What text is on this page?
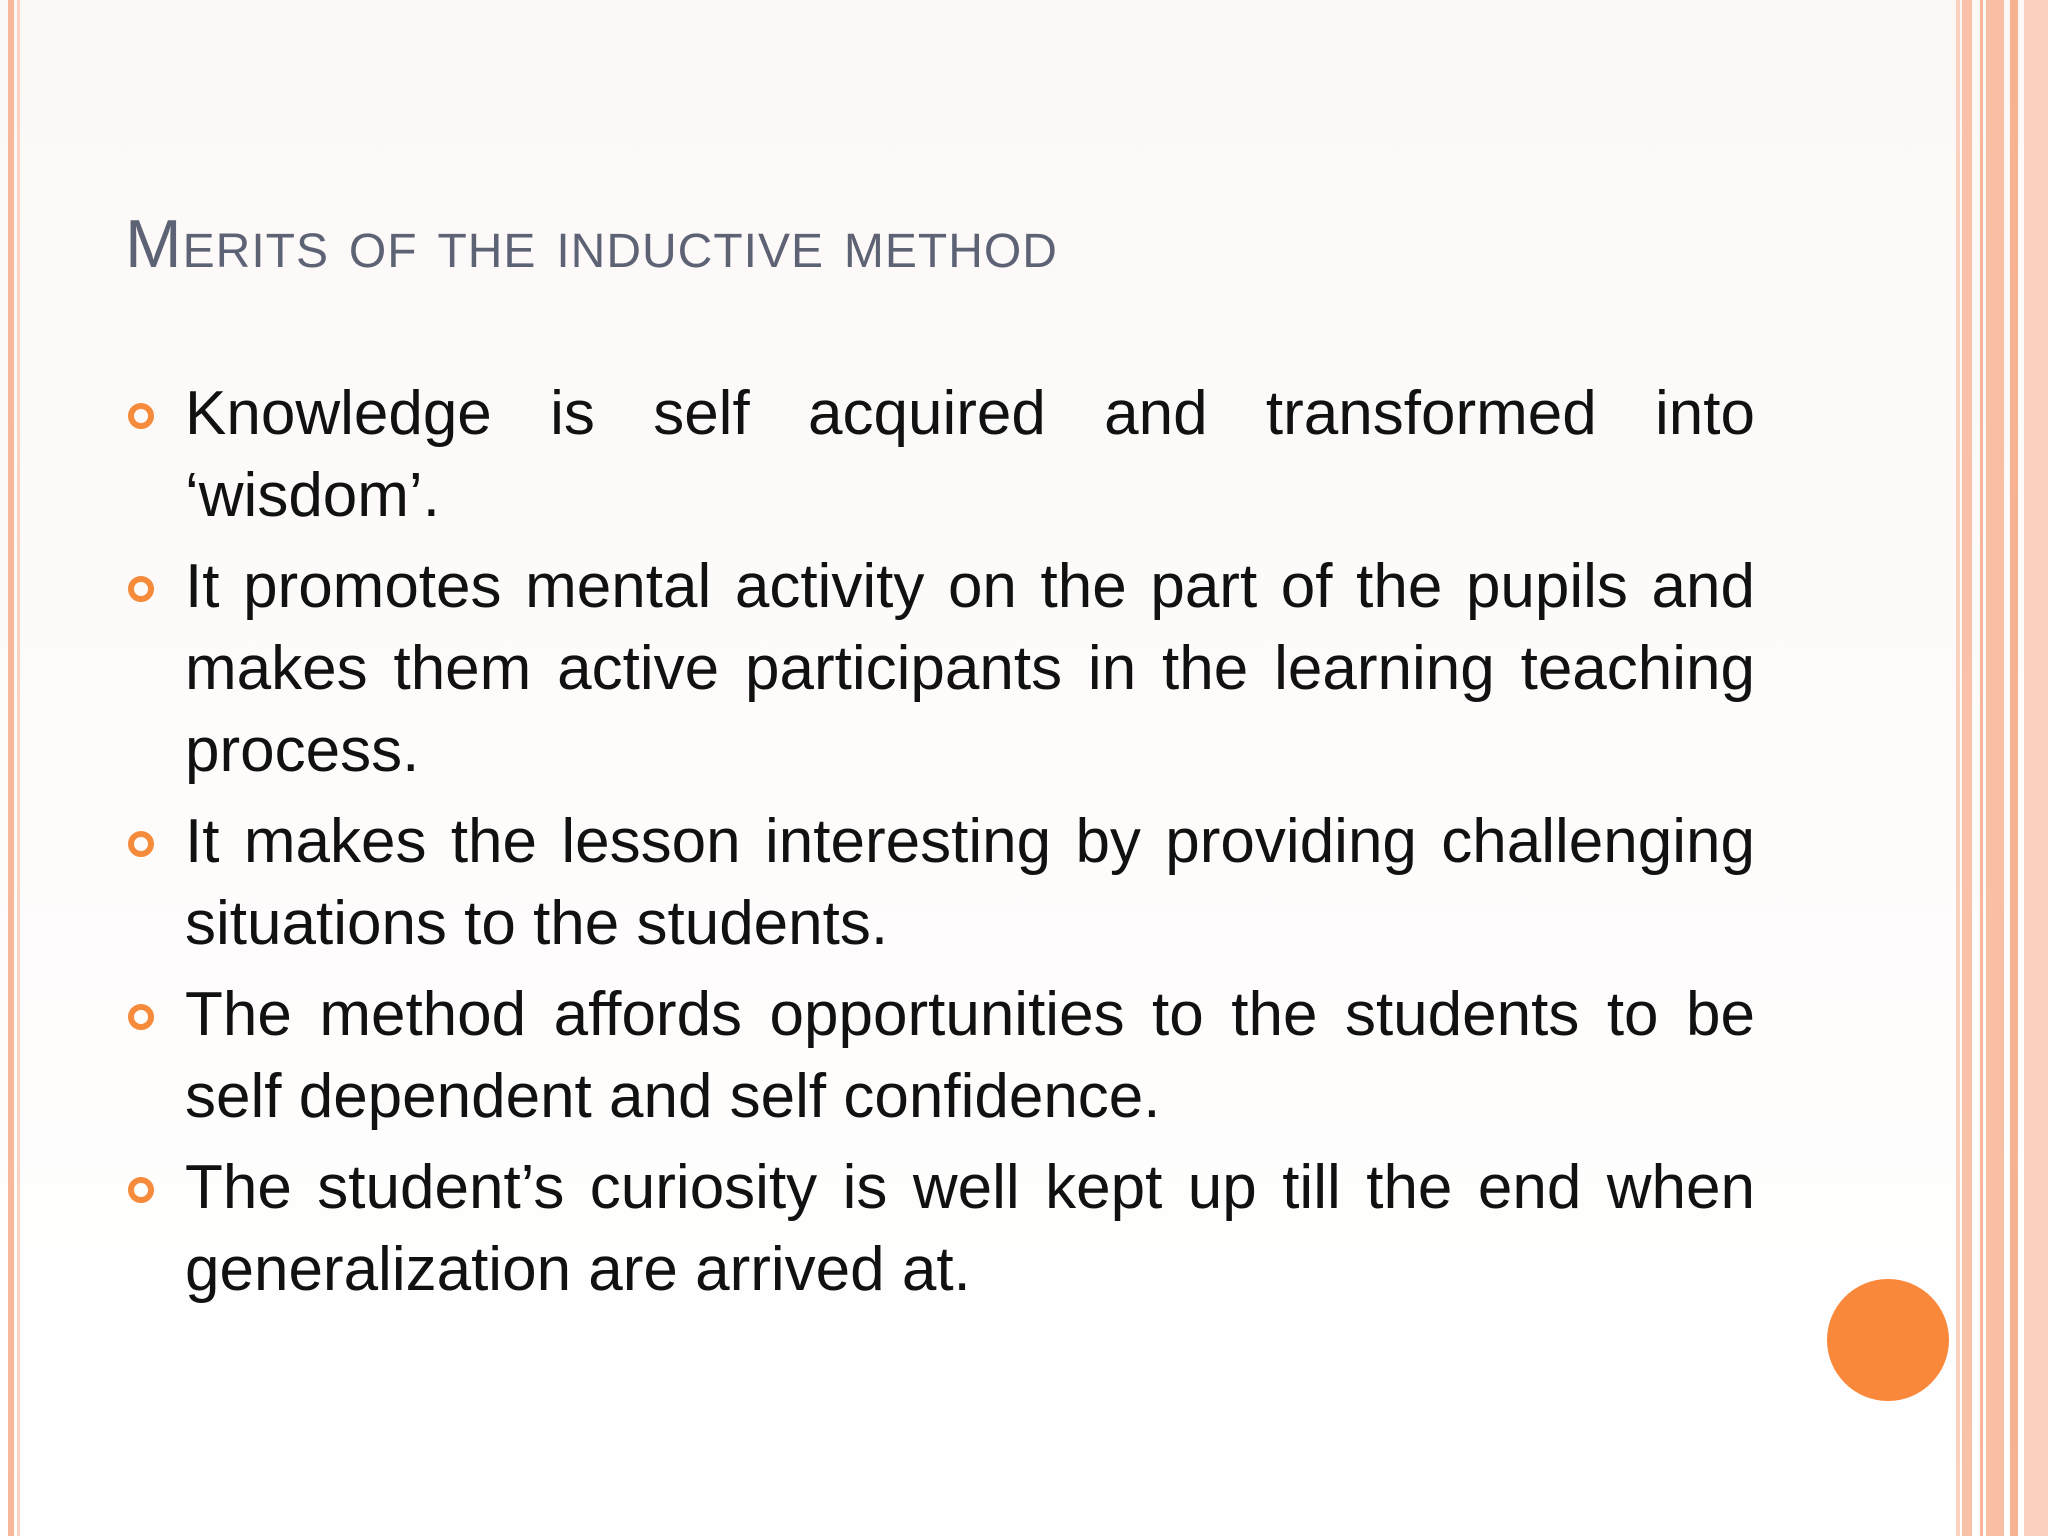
Merits of the inductive method
Knowledge is self acquired and transformed into ‘wisdom’.
It promotes mental activity on the part of the pupils and makes them active participants in the learning teaching process.
It makes the lesson interesting by providing challenging situations to the students.
The method affords opportunities to the students to be self dependent and self confidence.
The student’s curiosity is well kept up till the end when generalization are arrived at.
